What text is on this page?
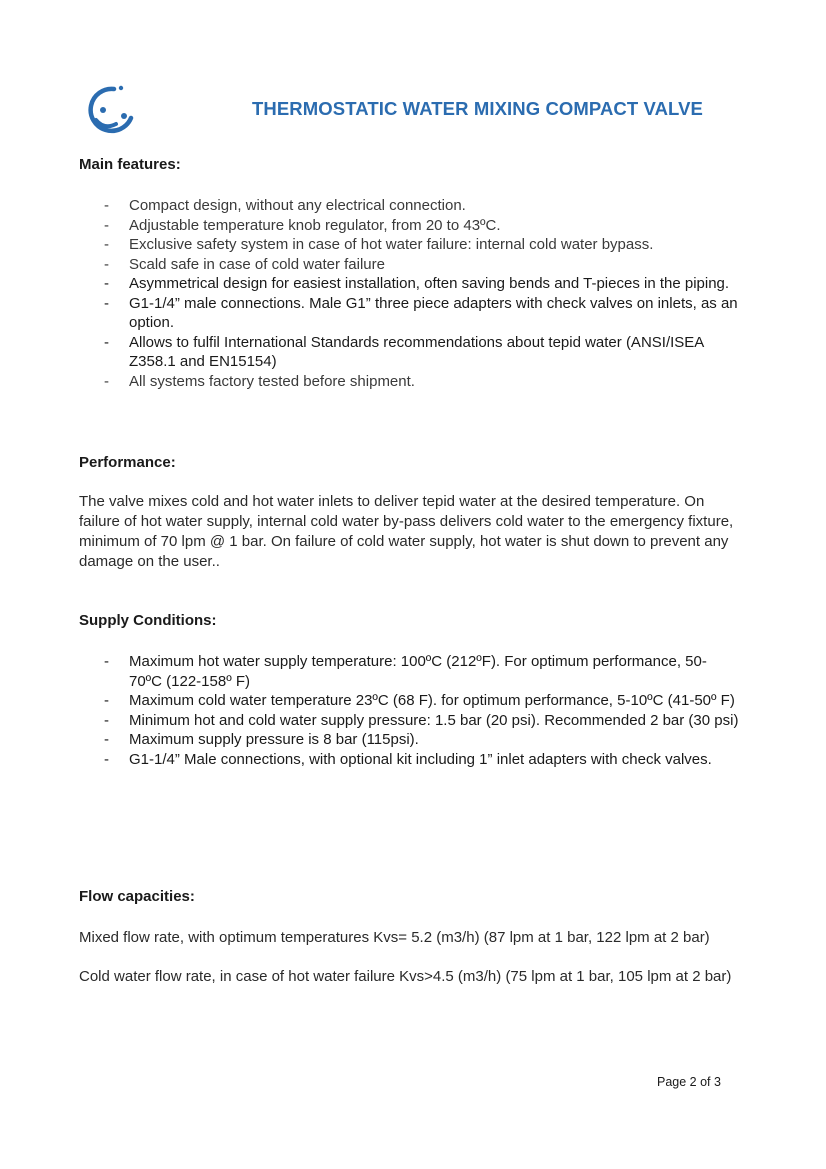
THERMOSTATIC WATER MIXING COMPACT VALVE
Main features:
- Compact design, without any electrical connection.
- Adjustable temperature knob regulator, from 20 to 43ºC.
- Exclusive safety system in case of hot water failure: internal cold water bypass.
- Scald safe in case of cold water failure
- Asymmetrical design for easiest installation, often saving bends and T-pieces in the piping.
- G1-1/4” male connections. Male G1” three piece adapters with check valves on inlets, as an option.
- Allows to fulfil International Standards recommendations about tepid water (ANSI/ISEA Z358.1 and EN15154)
- All systems factory tested before shipment.
Performance:

The valve mixes cold and hot water inlets to deliver tepid water at the desired temperature. On failure of hot water supply, internal cold water by-pass delivers cold water to the emergency fixture, minimum of 70 lpm @ 1 bar. On failure of cold water supply, hot water is shut down to prevent any damage on the user..

Supply Conditions:
- Maximum hot water supply temperature: 100ºC (212ºF). For optimum performance, 50-70ºC (122-158º F)
- Maximum cold water temperature 23ºC (68 F). for optimum performance, 5-10ºC (41-50º F)
- Minimum hot and cold water supply pressure: 1.5 bar (20 psi). Recommended 2 bar (30 psi)
- Maximum supply pressure is 8 bar (115psi).
- G1-1/4” Male connections, with optional kit including 1” inlet adapters with check valves.
Flow capacities:

Mixed flow rate, with optimum temperatures Kvs= 5.2 (m3/h) (87 lpm at 1 bar, 122 lpm at 2 bar)

Cold water flow rate, in case of hot water failure Kvs>4.5 (m3/h) (75 lpm at 1 bar, 105 lpm at 2 bar)

Page 2 of 3
